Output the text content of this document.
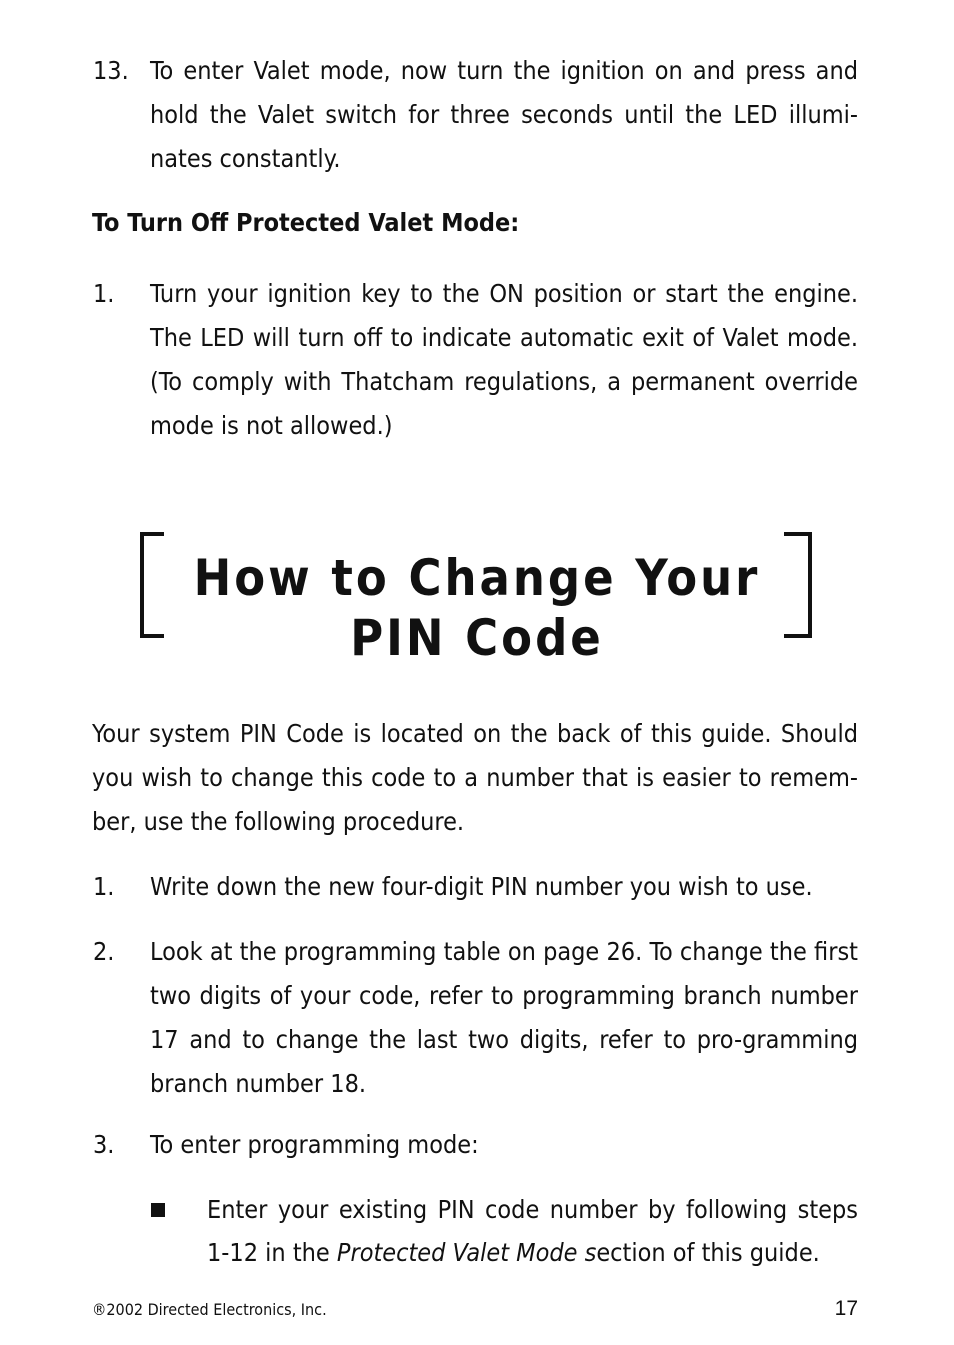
13. To enter Valet mode, now turn the ignition on and press and hold the Valet switch for three seconds until the LED illumi-nates constantly.
To Turn Off Protected Valet Mode:
1. Turn your ignition key to the ON position or start the engine. The LED will turn off to indicate automatic exit of Valet mode. (To comply with Thatcham regulations, a permanent override mode is not allowed.)
How to Change Your
PIN Code
Your system PIN Code is located on the back of this guide. Should you wish to change this code to a number that is easier to remem-ber, use the following procedure.
1. Write down the new four-digit PIN number you wish to use.
2. Look at the programming table on page 26. To change the first two digits of your code, refer to programming branch number 17 and to change the last two digits, refer to pro-gramming branch number 18.
3. To enter programming mode:
Enter your existing PIN code number by following steps 1-12 in the Protected Valet Mode section of this guide.
®2002 Directed Electronics, Inc.	17
